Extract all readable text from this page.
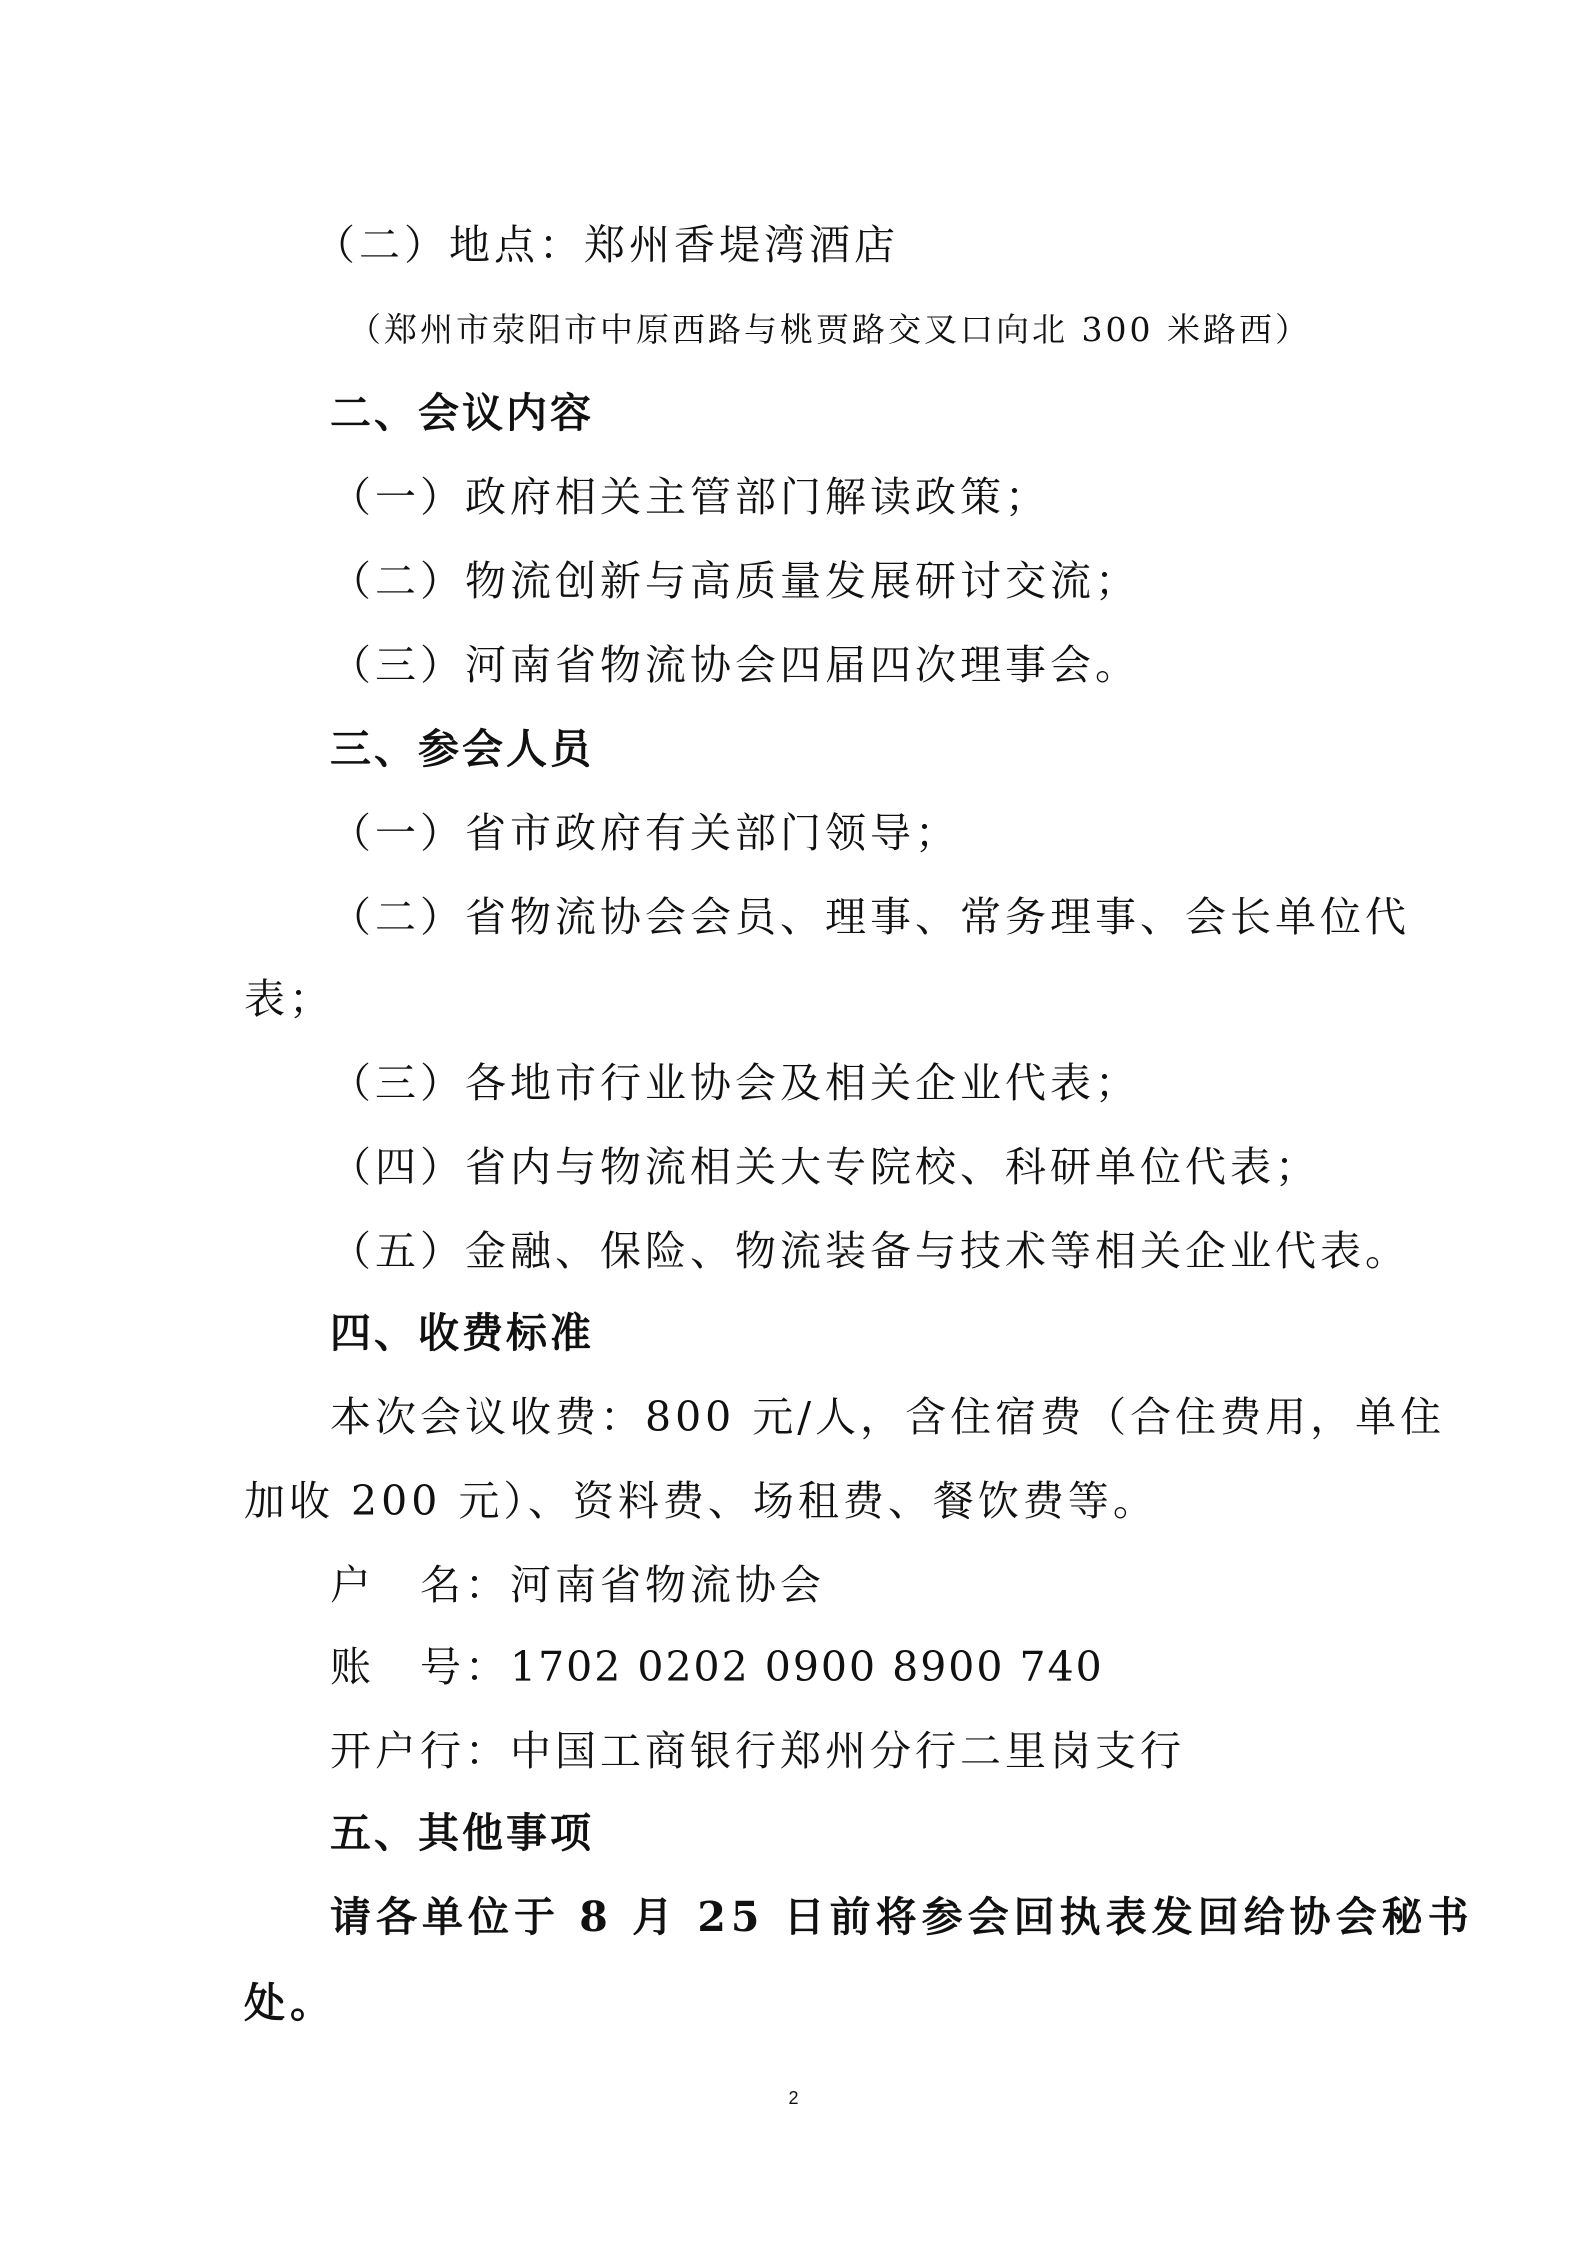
（二）地点：郑州香堤湾酒店
（郑州市荥阳市中原西路与桃贾路交叉口向北 300 米路西）
二、会议内容
（一）政府相关主管部门解读政策；
（二）物流创新与高质量发展研讨交流；
（三）河南省物流协会四届四次理事会。
三、参会人员
（一）省市政府有关部门领导；
（二）省物流协会会员、理事、常务理事、会长单位代
表；
（三）各地市行业协会及相关企业代表；
（四）省内与物流相关大专院校、科研单位代表；
（五）金融、保险、物流装备与技术等相关企业代表。
四、收费标准
本次会议收费：800 元/人，含住宿费（合住费用，单住
加收 200 元）、资料费、场租费、餐饮费等。
户　名：河南省物流协会
账　号：1702 0202 0900 8900 740
开户行：中国工商银行郑州分行二里岗支行
五、其他事项
请各单位于 8 月 25 日前将参会回执表发回给协会秘书
处。
2
